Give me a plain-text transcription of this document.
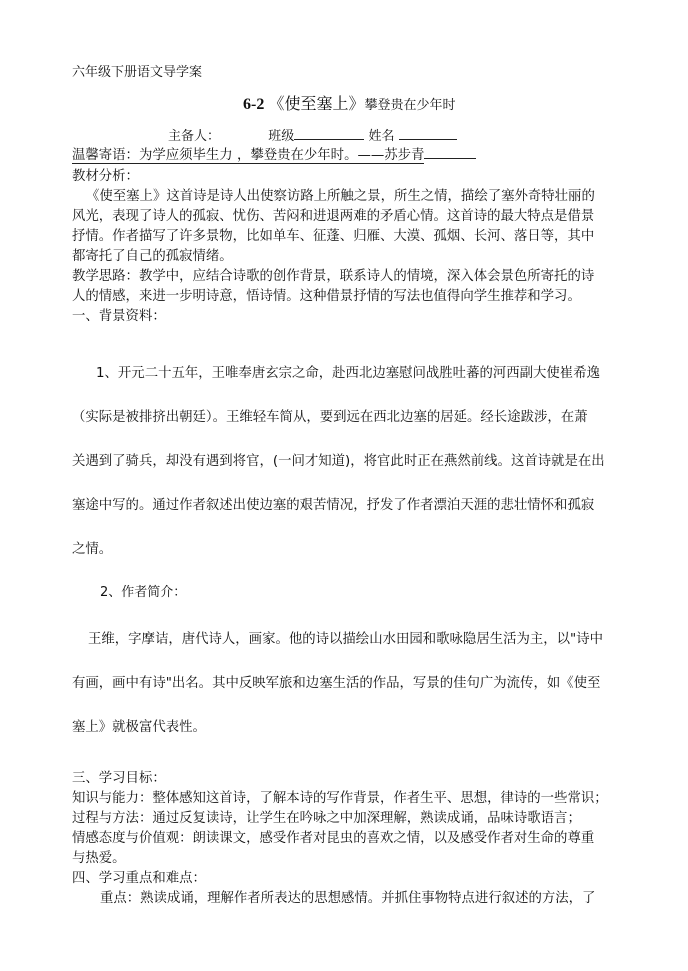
六年级下册语文导学案
6-2 《使至塞上》攀登贵在少年时
主备人：	班级	姓名
温馨寄语：为学应须毕生力 ，攀登贵在少年时。——苏步青
教材分析：
《使至塞上》这首诗是诗人出使察访路上所触之景，所生之情，描绘了塞外奇特壮丽的
风光，表现了诗人的孤寂、忧伤、苦闷和进退两难的矛盾心情。这首诗的最大特点是借景
抒情。作者描写了许多景物，比如单车、征蓬、归雁、大漠、孤烟、长河、落日等，其中
都寄托了自己的孤寂情绪。
教学思路：教学中，应结合诗歌的创作背景，联系诗人的情境，深入体会景色所寄托的诗
人的情感，来进一步明诗意，悟诗情。这种借景抒情的写法也值得向学生推荐和学习。
一、背景资料：
1、开元二十五年，王唯奉唐玄宗之命，赴西北边塞慰问战胜吐蕃的河西副大使崔希逸
（实际是被排挤出朝廷）。王维轻车简从，要到远在西北边塞的居延。经长途跋涉，在萧
关遇到了骑兵，却没有遇到将官，(一问才知道)，将官此时正在燕然前线。这首诗就是在出
塞途中写的。通过作者叙述出使边塞的艰苦情况，抒发了作者漂泊天涯的悲壮情怀和孤寂
之情。
2、作者简介：
王维，字摩诘，唐代诗人，画家。他的诗以描绘山水田园和歌咏隐居生活为主，以"诗中
有画，画中有诗"出名。其中反映军旅和边塞生活的作品，写景的佳句广为流传，如《使至
塞上》就极富代表性。
三、学习目标：
知识与能力：整体感知这首诗，了解本诗的写作背景，作者生平、思想，律诗的一些常识；
过程与方法：通过反复读诗，让学生在吟咏之中加深理解，熟读成诵，品味诗歌语言；
情感态度与价值观：朗读课文，感受作者对昆虫的喜欢之情，以及感受作者对生命的尊重
与热爱。
四、学习重点和难点：
重点：熟读成诵，理解作者所表达的思想感情。并抓住事物特点进行叙述的方法，了
